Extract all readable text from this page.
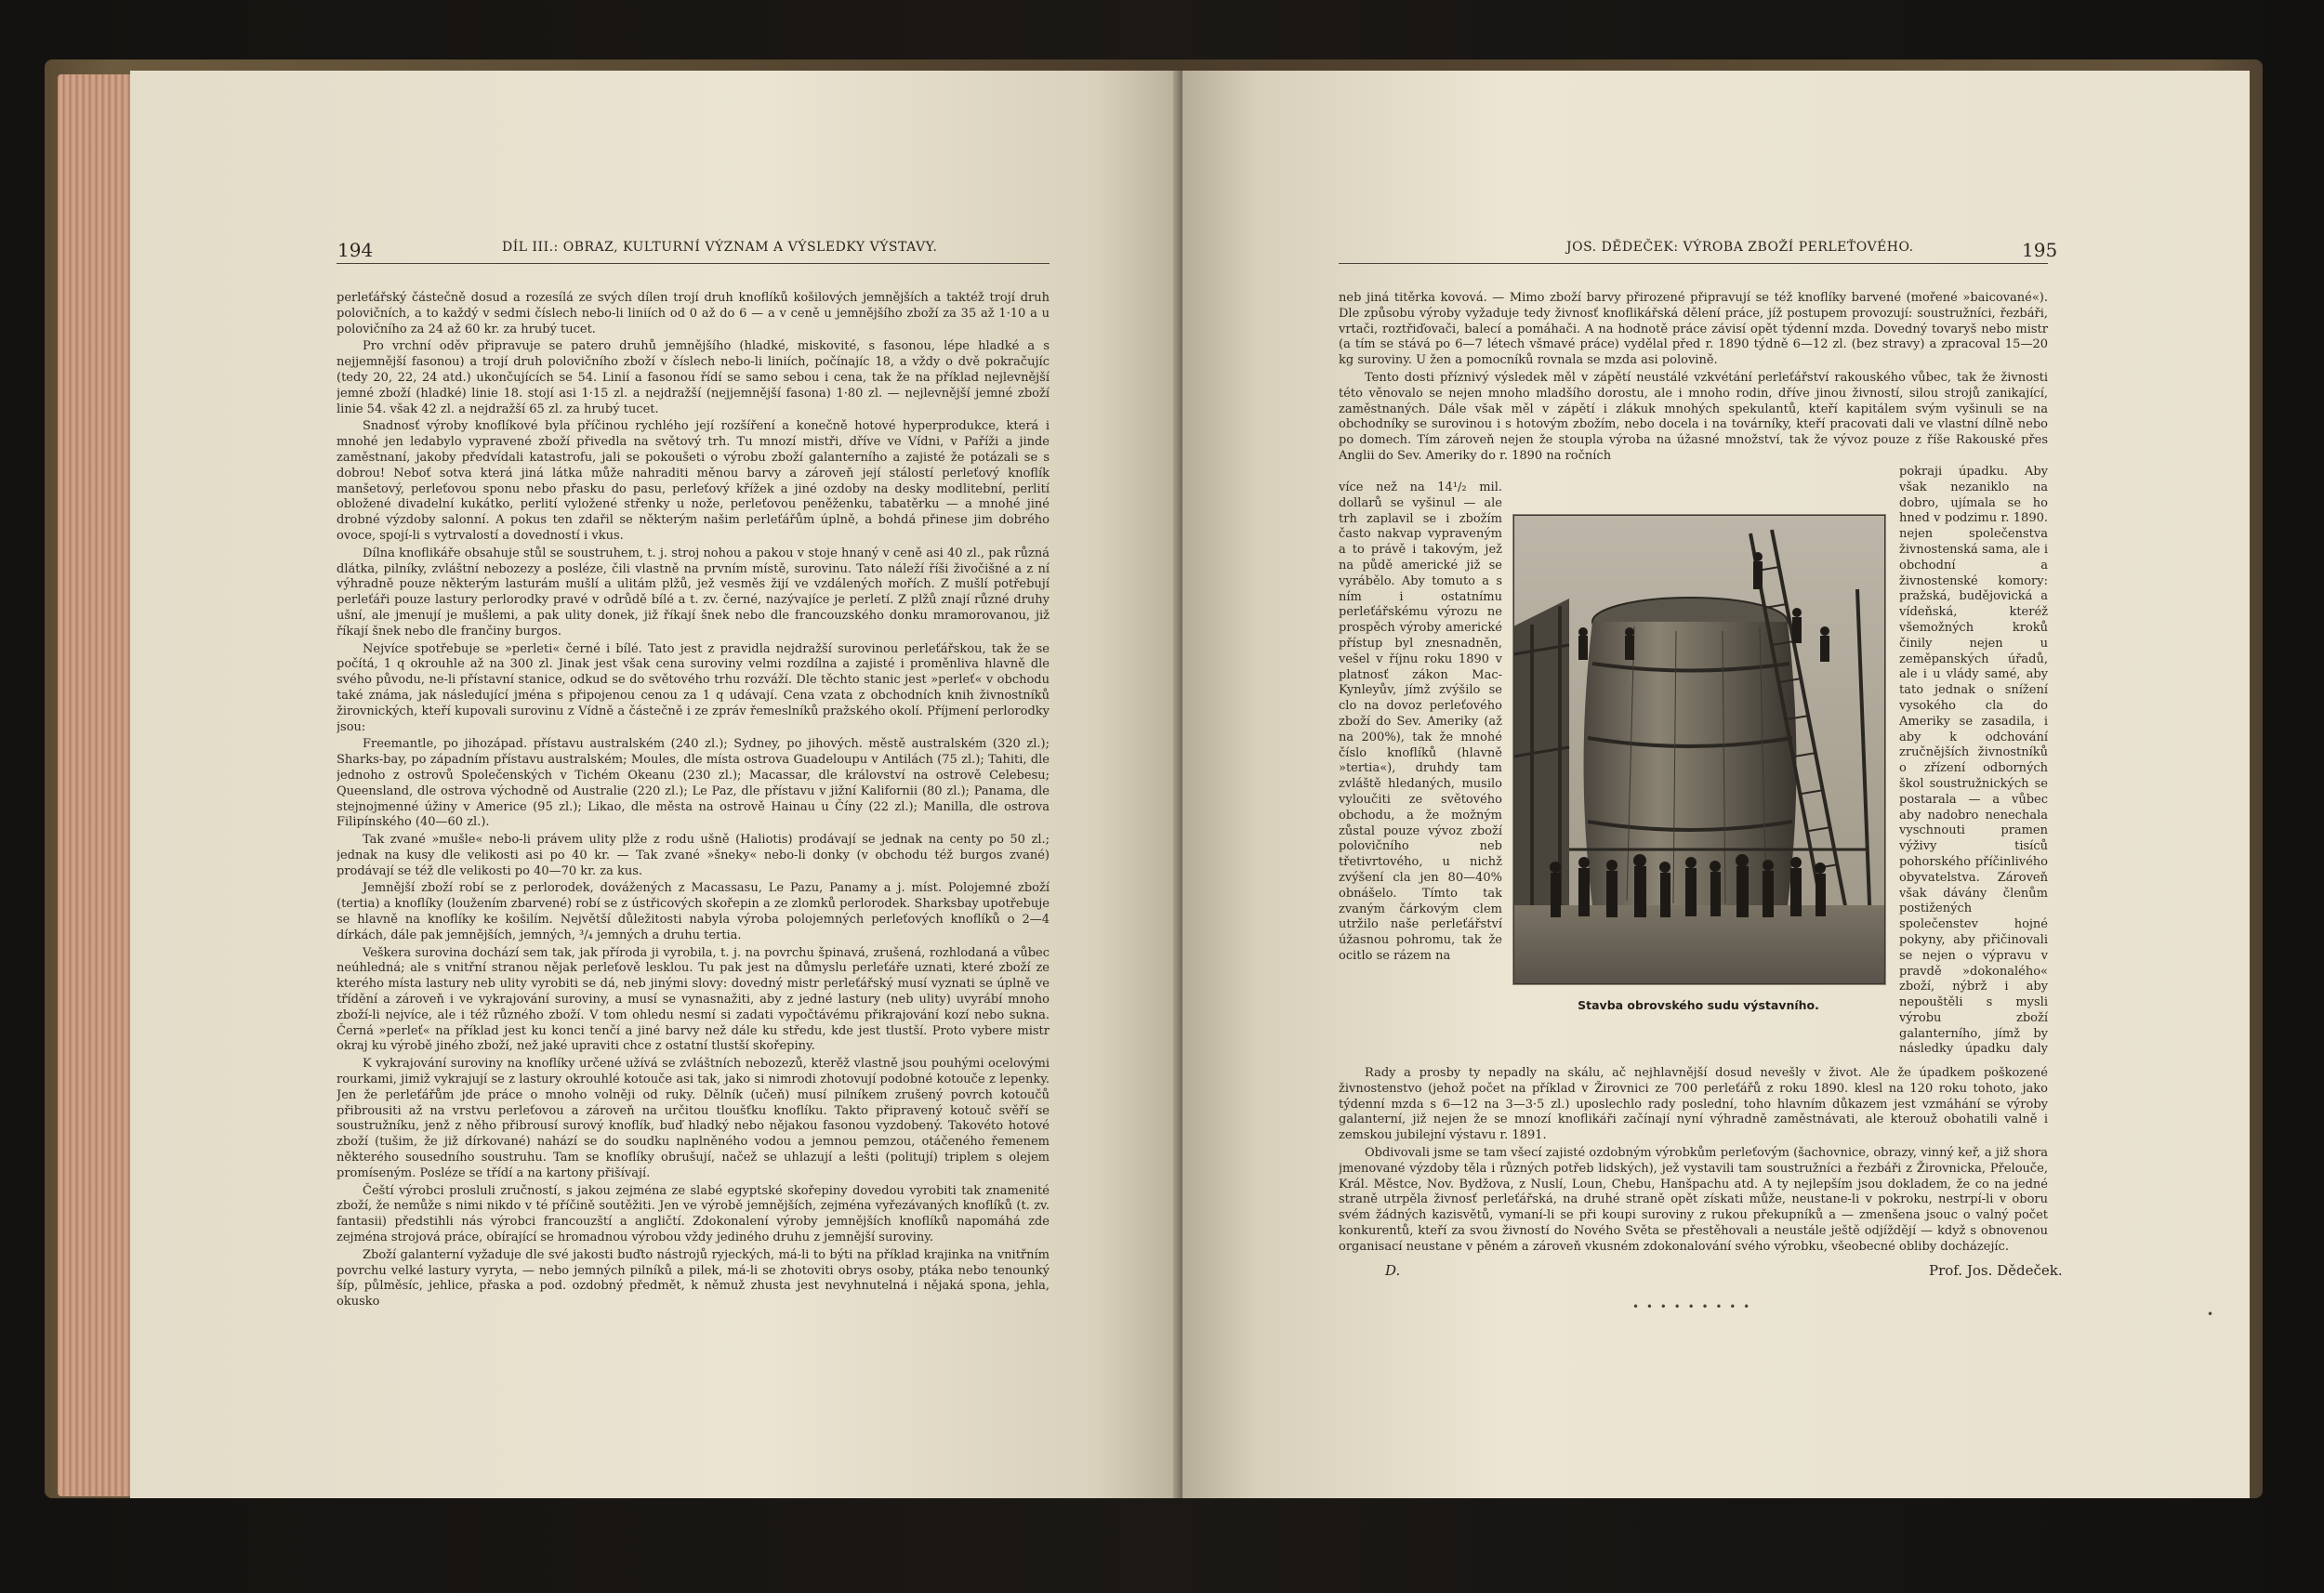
194	DÍL III.: OBRAZ, KULTURNÍ VÝZNAM A VÝSLEDKY VÝSTAVY.

perleťářský částečně dosud a rozesílá ze svých dílen trojí druh knoflíků košilových jemnějších a taktéž trojí druh polovičních, a to každý v sedmi číslech nebo-li liniích od 0 až do 6 — a v ceně u jemnějšího zboží za 35 až 1·10 a u polovičního za 24 až 60 kr. za hrubý tucet.

Pro vrchní oděv připravuje se patero druhů jemnějšího (hladké, miskovité, s fasonou, lépe hladké a s nejjemnější fasonou) a trojí druh polovičního zboží v číslech nebo-li liniích, počínajíc 18, a vždy o dvě pokračujíc (tedy 20, 22, 24 atd.) ukončujících se 54. Linií a fasonou řídí se samo sebou i cena, tak že na příklad nejlevnější jemné zboží (hladké) linie 18. stojí asi 1·15 zl. a nejdražší (nejjemnější fasona) 1·80 zl. — nejlevnější jemné zboží linie 54. však 42 zl. a nejdražší 65 zl. za hrubý tucet.

Snadnosť výroby knoflíkové byla příčinou rychlého její rozšíření a konečně hotové hyperprodukce, která i mnohé jen ledabylo vypravené zboží přivedla na světový trh. Tu mnozí mistři, dříve ve Vídni, v Paříži a jinde zaměstnaní, jakoby předvídali katastrofu, jali se pokoušeti o výrobu zboží galanterního a zajisté že potázali se s dobrou! Neboť sotva která jiná látka může nahraditi měnou barvy a zároveň její stálostí perleťový knoflík manšetový, perleťovou sponu nebo přasku do pasu, perleťový křížek a jiné ozdoby na desky modlitební, perlití obložené divadelní kukátko, perlití vyložené střenky u nože, perleťovou peněženku, tabatěrku — a mnohé jiné drobné výzdoby salonní. A pokus ten zdařil se některým našim perleťářům úplně, a bohdá přinese jim dobrého ovoce, spojí-li s vytrvalostí a dovedností i vkus.

Dílna knoflikáře obsahuje stůl se soustruhem, t. j. stroj nohou a pakou v stoje hnaný v ceně asi 40 zl., pak různá dlátka, pilníky, zvláštní nebozezy a posléze, čili vlastně na prvním místě, surovinu. Tato náleží říši živočišné a z ní výhradně pouze některým lasturám mušlí a ulitám plžů, jež vesměs žijí ve vzdálených mořích. Z mušlí potřebují perleťáři pouze lastury perlorodky pravé v odrůdě bílé a t. zv. černé, nazývajíce je perletí. Z plžů znají různé druhy ušní, ale jmenují je mušlemi, a pak ulity donek, již říkají šnek nebo dle francouzského donku mramorovanou, již říkají šnek nebo dle frančiny burgos.

Nejvíce spotřebuje se »perleti« černé i bílé. Tato jest z pravidla nejdražší surovinou perleťářskou, tak že se počítá, 1 q okrouhle až na 300 zl. Jinak jest však cena suroviny velmi rozdílna a zajisté i proměnliva hlavně dle svého původu, ne-li přístavní stanice, odkud se do světového trhu rozváží. Dle těchto stanic jest »perleť« v obchodu také známa, jak následující jména s připojenou cenou za 1 q udávají. Cena vzata z obchodních knih živnostníků žirovnických, kteří kupovali surovinu z Vídně a částečně i ze zpráv řemeslníků pražského okolí. Příjmení perlorodky jsou:

Freemantle, po jihozápad. přístavu australském (240 zl.); Sydney, po jihových. městě australském (320 zl.); Sharks-bay, po západním přístavu australském; Moules, dle místa ostrova Guadeloupu v Antilách (75 zl.); Tahiti, dle jednoho z ostrovů Společenských v Tichém Okeanu (230 zl.); Macassar, dle království na ostrově Celebesu; Queensland, dle ostrova východně od Australie (220 zl.); Le Paz, dle přístavu v jižní Kalifornii (80 zl.); Panama, dle stejnojmenné úžiny v Americe (95 zl.); Likao, dle města na ostrově Hainau u Číny (22 zl.); Manilla, dle ostrova Filipínského (40—60 zl.).

Tak zvané »mušle« nebo-li právem ulity plže z rodu ušně (Haliotis) prodávají se jednak na centy po 50 zl.; jednak na kusy dle velikosti asi po 40 kr. — Tak zvané »šneky« nebo-li donky (v obchodu též burgos zvané) prodávají se též dle velikosti po 40—70 kr. za kus.

Jemnější zboží robí se z perlorodek, dovážených z Macassasu, Le Pazu, Panamy a j. míst. Polojemné zboží (tertia) a knoflíky (loužením zbarvené) robí se z ústřicových skořepin a ze zlomků perlorodek. Sharksbay upotřebuje se hlavně na knoflíky ke košilím. Největší důležitosti nabyla výroba polojemných perleťových knoflíků o 2—4 dírkách, dále pak jemnějších, jemných, ³/₄ jemných a druhu tertia.

Veškera surovina dochází sem tak, jak příroda ji vyrobila, t. j. na povrchu špinavá, zrušená, rozhlodaná a vůbec neúhledná; ale s vnitřní stranou nějak perleťově lesklou. Tu pak jest na důmyslu perleťáře uznati, které zboží ze kterého místa lastury neb ulity vyrobiti se dá, neb jinými slovy: dovedný mistr perleťářský musí vyznati se úplně ve třídění a zároveň i ve vykrajování suroviny, a musí se vynasnažiti, aby z jedné lastury (neb ulity) uvyrábí mnoho zboží-li nejvíce, ale i též různého zboží. V tom ohledu nesmí si zadati vypočtávému přikrajování kozí nebo sukna. Černá »perleť« na příklad jest ku konci tenčí a jiné barvy než dále ku středu, kde jest tlustší. Proto vybere mistr okraj ku výrobě jiného zboží, než jaké upraviti chce z ostatní tlustší skořepiny.

K vykrajování suroviny na knoflíky určené užívá se zvláštních nebozezů, kterěž vlastně jsou pouhými ocelovými rourkami, jimiž vykrajují se z lastury okrouhlé kotouče asi tak, jako si nimrodi zhotovují podobné kotouče z lepenky. Jen že perleťářům jde práce o mnoho volněji od ruky. Dělník (učeň) musí pilníkem zrušený povrch kotoučů přibrousiti až na vrstvu perleťovou a zároveň na určitou tloušťku knoflíku. Takto připravený kotouč svěří se soustružníku, jenž z něho přibrousí surový knoflík, buď hladký nebo nějakou fasonou vyzdobený. Takovéto hotové zboží (tušim, že již dírkované) nahází se do soudku naplněného vodou a jemnou pemzou, otáčeného řemenem některého sousedního soustruhu. Tam se knoflíky obrušují, načež se uhlazují a lešti (politují) triplem s olejem promíseným. Posléze se třídí a na kartony přišívají.

Čeští výrobci prosluli zručností, s jakou zejména ze slabé egyptské skořepiny dovedou vyrobiti tak znamenité zboží, že nemůže s nimi nikdo v té příčině soutěžiti. Jen ve výrobě jemnějších, zejména vyřezávaných knoflíků (t. zv. fantasii) předstihli nás výrobci francouzští a angličtí. Zdokonalení výroby jemnějších knoflíků napomáhá zde zejména strojová práce, obírající se hromadnou výrobou vždy jediného druhu z jemnější suroviny.

Zboží galanterní vyžaduje dle své jakosti buďto nástrojů ryjeckých, má-li to býti na příklad krajinka na vnitřním povrchu velké lastury vyryta, — nebo jemných pilníků a pilek, má-li se zhotoviti obrys osoby, ptáka nebo tenounký šíp, půlměsíc, jehlice, přaska a pod. ozdobný předmět, k němuž zhusta jest nevyhnutelná i nějaká spona, jehla, okusko

JOS. DĚDEČEK: VÝROBA ZBOŽÍ PERLEŤOVÉHO.	195

neb jiná titěrka kovová. — Mimo zboží barvy přirozené připravují se též knoflíky barvené (mořené »baicované«). Dle způsobu výroby vyžaduje tedy živnosť knoflikářská dělení práce, jíž postupem provozují: soustružníci, řezbáři, vrtači, roztřiďovači, balecí a pomáhači. A na hodnotě práce závisí opět týdenní mzda. Dovedný tovaryš nebo mistr (a tím se stává po 6—7 létech všmavé práce) vydělal před r. 1890 týdně 6—12 zl. (bez stravy) a zpracoval 15—20 kg suroviny. U žen a pomocníků rovnala se mzda asi polovině.

Tento dosti příznivý výsledek měl v zápětí neustálé vzkvétání perleťářství rakouského vůbec, tak že živnosti této věnovalo se nejen mnoho mladšího dorostu, ale i mnoho rodin, dříve jinou živností, silou strojů zanikající, zaměstnaných. Dále však měl v zápětí i zlákuk mnohých spekulantů, kteří kapitálem svým vyšinuli se na obchodníky se surovinou i s hotovým zbožím, nebo docela i na továrníky, kteří pracovati dali ve vlastní dílně nebo po domech. Tím zároveň nejen že stoupla výroba na úžasné množství, tak že vývoz pouze z říše Rakouské přes Anglii do Sev. Ameriky do r. 1890 na ročních

více než na 14¹/₂ mil. dollarů se vyšinul — ale trh zaplavil se i zbožím často nakvap vypraveným a to právě i takovým, jež na půdě americké již se vyrábělo. Aby tomuto a s ním i ostatnímu perleťářskému výrozu ne prospěch výroby americké přístup byl znesnadněn, vešel v říjnu roku 1890 v platnosť zákon Mac-Kynleyův, jímž zvýšilo se clo na dovoz perleťového zboží do Sev. Ameriky (až na 200%), tak že mnohé číslo knoflíků (hlavně »tertia«), druhdy tam zvláště hledaných, musilo vyloučiti ze světového obchodu, a že možným zůstal pouze vývoz zboží polovičního neb třetivrtového, u nichž zvýšení cla jen 80—40% obnášelo. Tímto tak zvaným čárkovým clem utržilo naše perleťářství úžasnou pohromu, tak že ocitlo se rázem na

pokraji úpadku. Aby však nezaniklo na dobro, ujímala se ho hned v podzimu r. 1890. nejen společenstva živnostenská sama, ale i obchodní a živnostenské komory: pražská, budějovická a vídeňská, kteréž všemožných kroků činily nejen u zeměpanských úřadů, ale i u vlády samé, aby tato jednak o snížení vysokého cla do Ameriky se zasadila, i aby k odchování zručnějších živnostníků o zřízení odborných škol soustružnických se postarala — a vůbec aby nadobro nenechala vyschnouti pramen výživy tisíců pohorského příčinlivého obyvatelstva. Zároveň však dávány členům postižených společenstev hojné pokyny, aby přičinovali se nejen o výpravu v pravdě »dokonalého« zboží, nýbrž i aby nepouštěli s mysli výrobu zboží galanterního, jímž by následky úpadku daly

Stavba obrovského sudu výstavního.

Rady a prosby ty nepadly na skálu, ač nejhlavnější dosud nevešly v život. Ale že úpadkem poškozené živnostenstvo (jehož počet na příklad v Žirovnici ze 700 perleťářů z roku 1890. klesl na 120 roku tohoto, jako týdenní mzda s 6—12 na 3—3·5 zl.) uposlechlo rady poslední, toho hlavním důkazem jest vzmáhání se výroby galanterní, již nejen že se mnozí knoflikáři začínají nyní výhradně zaměstnávati, ale kterouž obohatili valně i zemskou jubilejní výstavu r. 1891.

Obdivovali jsme se tam všecí zajisté ozdobným výrobkům perleťovým (šachovnice, obrazy, vinný keř, a již shora jmenované výzdoby těla i různých potřeb lidských), jež vystavili tam soustružníci a řezbáři z Žirovnicka, Přelouče, Král. Městce, Nov. Bydžova, z Nuslí, Loun, Chebu, Hanšpachu atd. A ty nejlepším jsou dokladem, že co na jedné straně utrpěla živnosť perleťářská, na druhé straně opět získati může, neustane-li v pokroku, nestrpí-li v oboru svém žádných kazisvětů, vymaní-li se při koupi suroviny z rukou překupníků a — zmenšena jsouc o valný počet konkurentů, kteří za svou živností do Nového Světa se přestěhovali a neustále ještě odjíždějí — když s obnovenou organisací neustane v pěném a zároveň vkusném zdokonalování svého výrobku, všeobecné obliby docházejíc.

D.	Prof. Jos. Dědeček.
• • • • • • • • •
•
